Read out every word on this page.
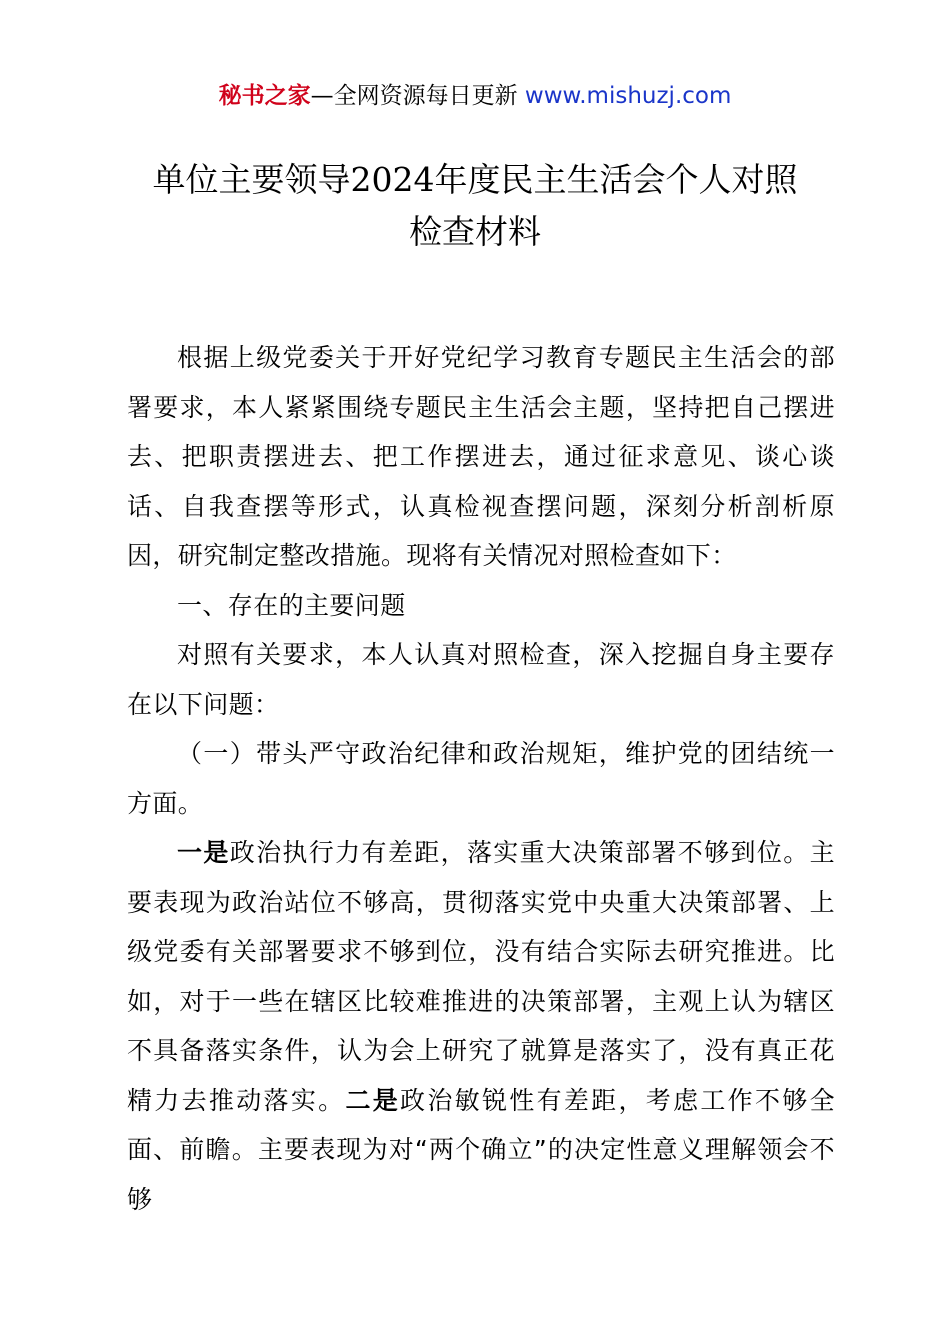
秘书之家—全网资源每日更新 www.mishuzj.com
单位主要领导2024年度民主生活会个人对照
检查材料

根据上级党委关于开好党纪学习教育专题民主生活会的部署要求，本人紧紧围绕专题民主生活会主题，坚持把自己摆进去、把职责摆进去、把工作摆进去，通过征求意见、谈心谈话、自我查摆等形式，认真检视查摆问题，深刻分析剖析原因，研究制定整改措施。现将有关情况对照检查如下：

一、存在的主要问题

对照有关要求，本人认真对照检查，深入挖掘自身主要存在以下问题：

（一）带头严守政治纪律和政治规矩，维护党的团结统一方面。

一是政治执行力有差距，落实重大决策部署不够到位。主要表现为政治站位不够高，贯彻落实党中央重大决策部署、上级党委有关部署要求不够到位，没有结合实际去研究推进。比如，对于一些在辖区比较难推进的决策部署，主观上认为辖区不具备落实条件，认为会上研究了就算是落实了，没有真正花精力去推动落实。二是政治敏锐性有差距，考虑工作不够全面、前瞻。主要表现为对“两个确立”的决定性意义理解领会不够
